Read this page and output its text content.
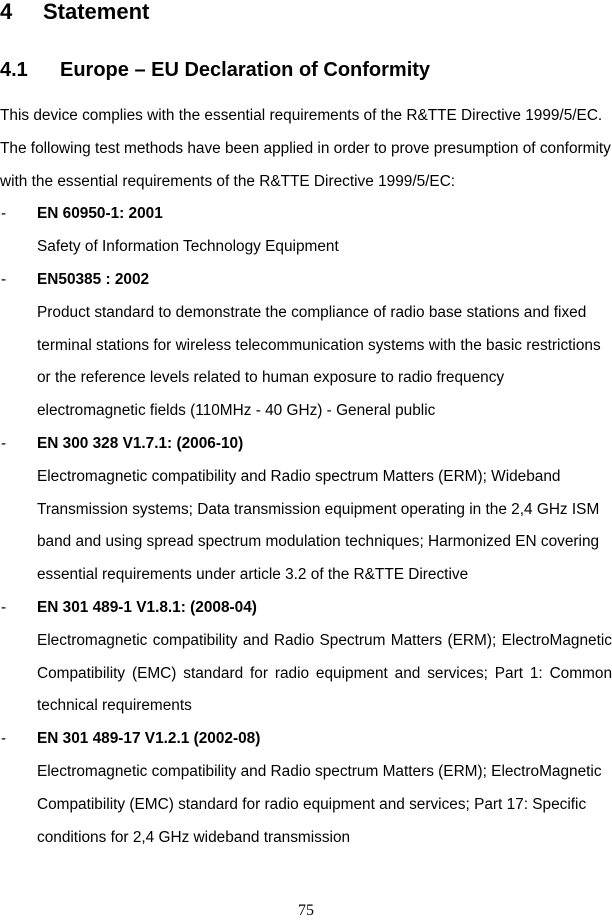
4 Statement
4.1 Europe – EU Declaration of Conformity

This device complies with the essential requirements of the R&TTE Directive 1999/5/EC. The following test methods have been applied in order to prove presumption of conformity with the essential requirements of the R&TTE Directive 1999/5/EC:

- EN 60950-1: 2001

Safety of Information Technology Equipment

- EN50385 : 2002

Product standard to demonstrate the compliance of radio base stations and fixed terminal stations for wireless telecommunication systems with the basic restrictions or the reference levels related to human exposure to radio frequency electromagnetic fields (110MHz - 40 GHz) - General public

- EN 300 328 V1.7.1: (2006-10)

Electromagnetic compatibility and Radio spectrum Matters (ERM); Wideband Transmission systems; Data transmission equipment operating in the 2,4 GHz ISM band and using spread spectrum modulation techniques; Harmonized EN covering essential requirements under article 3.2 of the R&TTE Directive

- EN 301 489-1 V1.8.1: (2008-04)

Electromagnetic compatibility and Radio Spectrum Matters (ERM); ElectroMagnetic Compatibility (EMC) standard for radio equipment and services; Part 1: Common technical requirements

- EN 301 489-17 V1.2.1 (2002-08)

Electromagnetic compatibility and Radio spectrum Matters (ERM); ElectroMagnetic Compatibility (EMC) standard for radio equipment and services; Part 17: Specific conditions for 2,4 GHz wideband transmission

75
